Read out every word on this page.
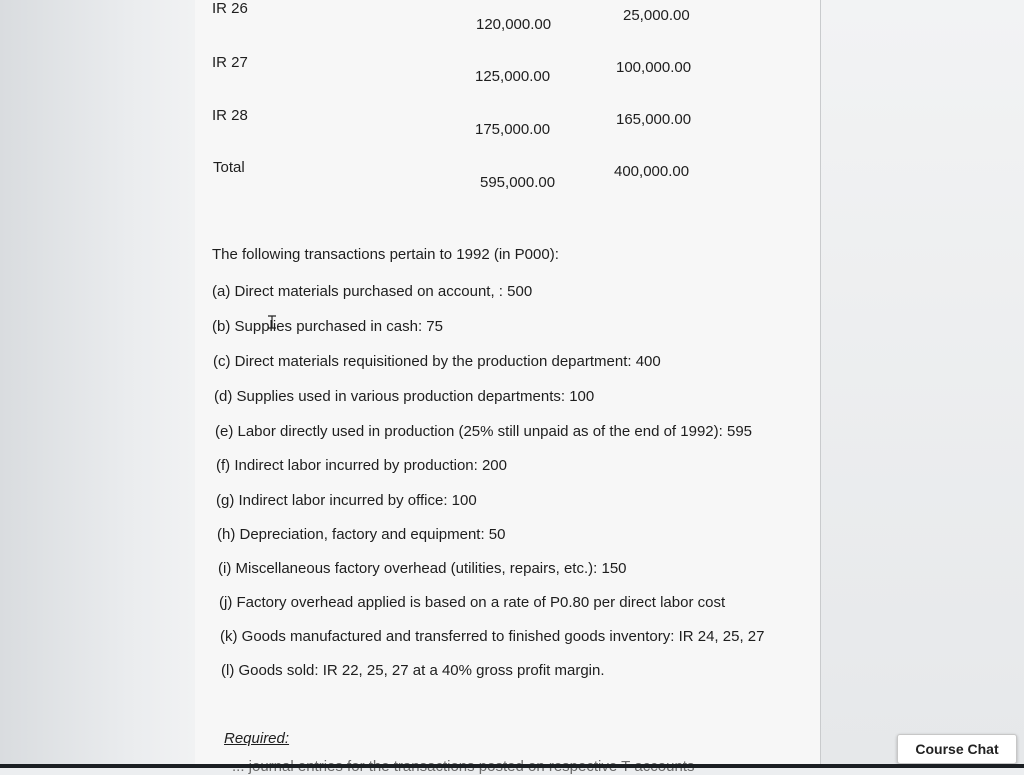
IR 26
120,000.00
25,000.00
IR 27
125,000.00
100,000.00
IR 28
175,000.00
165,000.00
Total
595,000.00
400,000.00
The following transactions pertain to 1992 (in P000):
(a) Direct materials purchased on account, : 500
(b) Supplies purchased in cash: 75
(c) Direct materials requisitioned by the production department: 400
(d) Supplies used in various production departments: 100
(e) Labor directly used in production (25% still unpaid as of the end of 1992): 595
(f) Indirect labor incurred by production: 200
(g) Indirect labor incurred by office: 100
(h) Depreciation, factory and equipment: 50
(i) Miscellaneous factory overhead (utilities, repairs, etc.): 150
(j) Factory overhead applied is based on a rate of P0.80 per direct labor cost
(k) Goods manufactured and transferred to finished goods inventory: IR 24, 25, 27
(l) Goods sold: IR 22, 25, 27 at a 40% gross profit margin.
Required:
Course Chat
